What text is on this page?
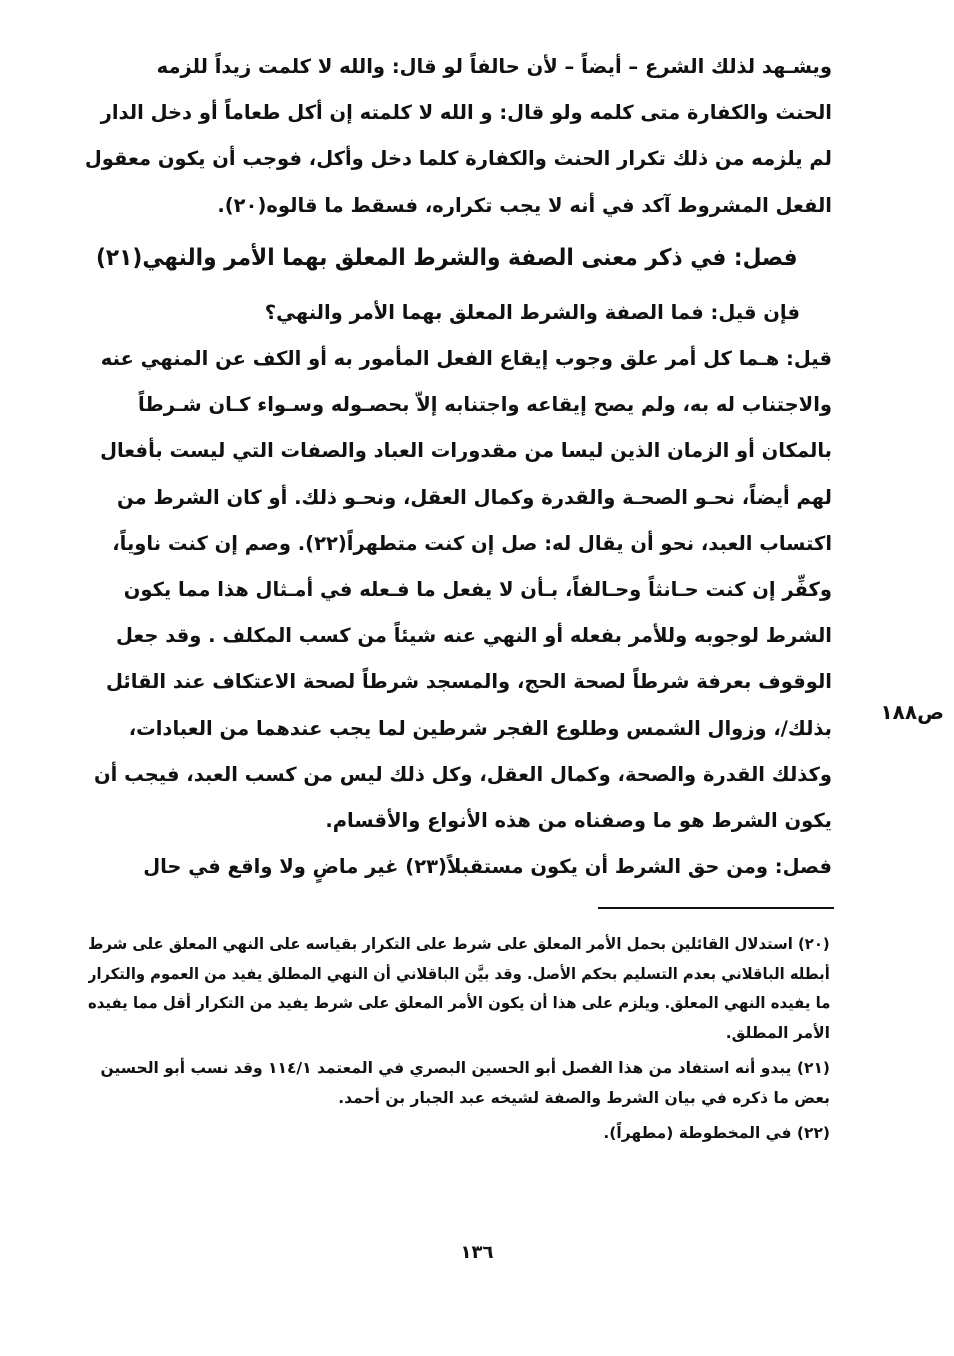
ويشـهد لذلك الشرع – أيضاً – لأن حالفاً لو قال: والله لا كلمت زيداً للزمه
الحنث والكفارة متى كلمه ولو قال: و الله لا كلمته إن أكل طعاماً أو دخل الدار
لم يلزمه من ذلك تكرار الحنث والكفارة كلما دخل وأكل، فوجب أن يكون معقول
الفعل المشروط آكد في أنه لا يجب تكراره، فسقط ما قالوه(٢٠).
فصل: في ذكر معنى الصفة والشرط المعلق بهما الأمر والنهي(٢١)
فإن قيل: فما الصفة والشرط المعلق بهما الأمر والنهي؟
قيل: هـما كل أمر علق وجوب إيقاع الفعل المأمور به أو الكف عن المنهي عنه
والاجتناب له به، ولم يصح إيقاعه واجتنابه إلاّ بحصـوله وسـواء كـان شـرطاً
بالمكان أو الزمان الذين ليسا من مقدورات العباد والصفات التي ليست بأفعال
لهم أيضاً، نحـو الصحـة والقدرة وكمال العقل، ونحـو ذلك. أو كان الشرط من
اكتساب العبد، نحو أن يقال له: صل إن كنت متطهراً(٢٢). وصم إن كنت ناوياً،
وكفِّر إن كنت حـانثاً وحـالفاً، بـأن لا يفعل ما فـعله في أمـثال هذا مما يكون
الشرط لوجوبه وللأمر بفعله أو النهي عنه شيئاً من كسب المكلف . وقد جعل
الوقوف بعرفة شرطاً لصحة الحج، والمسجد شرطاً لصحة الاعتكاف عند القائل
بذلك/، وزوال الشمس وطلوع الفجر شرطين لما يجب عندهما من العبادات،
وكذلك القدرة والصحة، وكمال العقل، وكل ذلك ليس من كسب العبد، فيجب أن
يكون الشرط هو ما وصفناه من هذه الأنواع والأقسام.
فصل: ومن حق الشرط أن يكون مستقبلاً(٢٣) غير ماضٍ ولا واقع في حال
ص١٨٨
(٢٠) استدلال القائلين بحمل الأمر المعلق على شرط على التكرار بقياسه على النهي المعلق على شرط
أبطله الباقلاني بعدم التسليم بحكم الأصل. وقد بيَّن الباقلاني أن النهي المطلق يفيد من العموم والتكرار
ما يفيده النهي المعلق. ويلزم على هذا أن يكون الأمر المعلق على شرط يفيد من التكرار أقل مما يفيده
الأمر المطلق.
(٢١) يبدو أنه استفاد من هذا الفصل أبو الحسين البصري في المعتمد ١١٤/١ وقد نسب أبو الحسين
بعض ما ذكره في بيان الشرط والصفة لشيخه عبد الجبار بن أحمد.
(٢٢) في المخطوطة (مطهراً).
١٣٦
